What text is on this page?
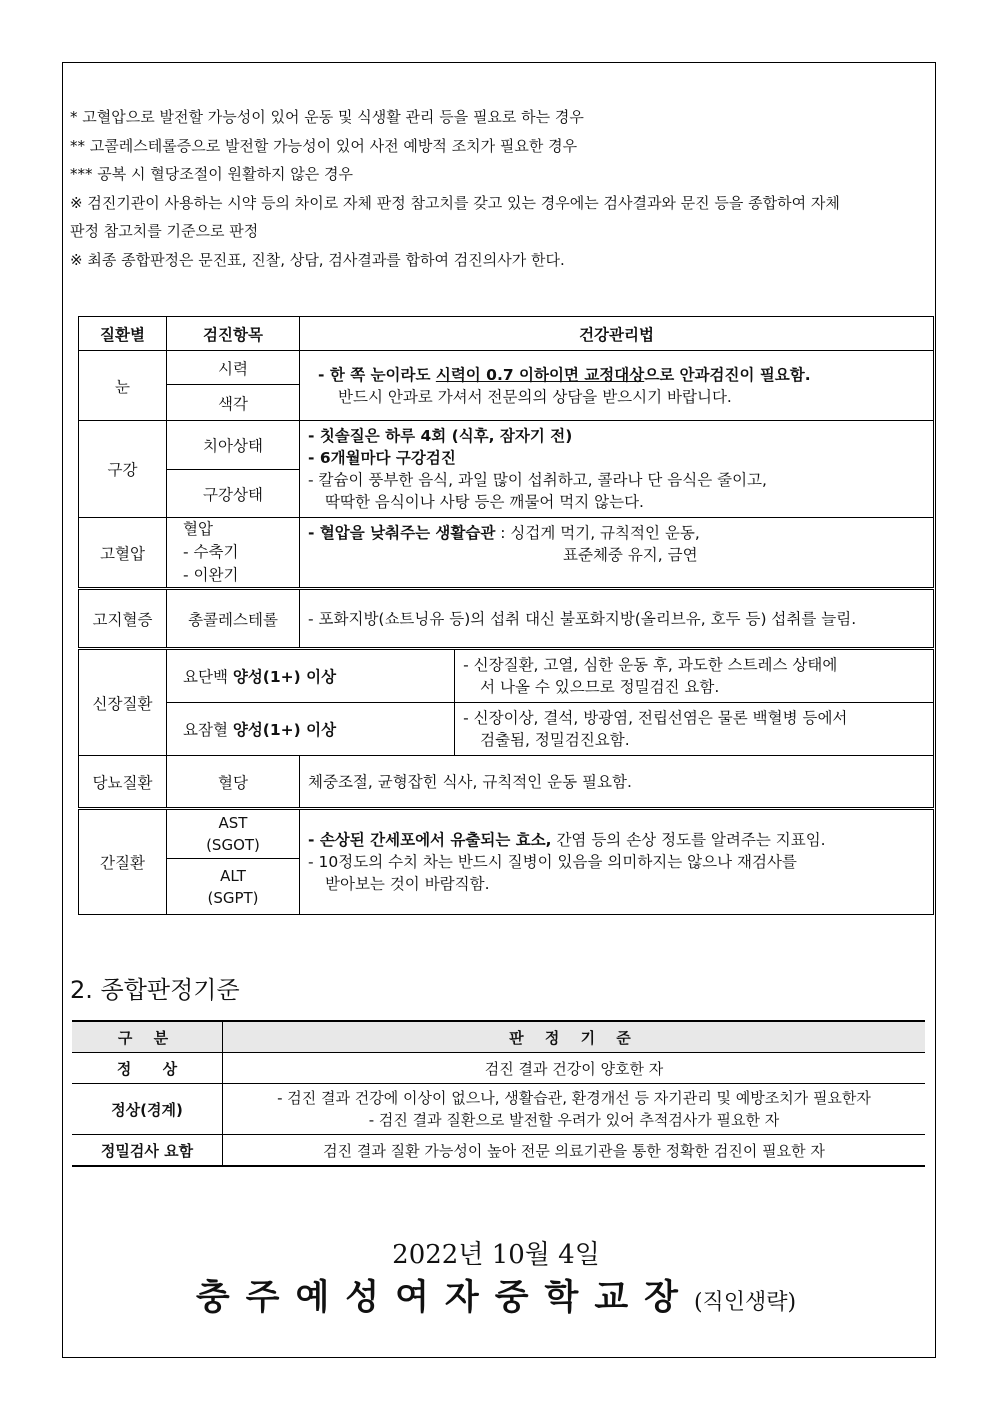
* 고혈압으로 발전할 가능성이 있어 운동 및 식생활 관리 등을 필요로 하는 경우
** 고콜레스테롤증으로 발전할 가능성이 있어 사전 예방적 조치가 필요한 경우
*** 공복 시 혈당조절이 원활하지 않은 경우
※ 검진기관이 사용하는 시약 등의 차이로 자체 판정 참고치를 갖고 있는 경우에는 검사결과와 문진 등을 종합하여 자체
판정 참고치를 기준으로 판정
※ 최종 종합판정은 문진표, 진찰, 상담, 검사결과를 합하여 검진의사가 한다.
질환별	검진항목	건강관리법	
눈	시력	- 한 쪽 눈이라도 시력이 0.7 이하이면 교정대상으로 안과검진이 필요함.
반드시 안과로 가셔서 전문의의 상담을 받으시기 바랍니다.	

	색각		
구강	치아상태	- 칫솔질은 하루 4회 (식후, 잠자기 전)
- 6개월마다 구강검진
- 칼슘이 풍부한 음식, 과일 많이 섭취하고, 콜라나 단 음식은 줄이고,
딱딱한 음식이나 사탕 등은 깨물어 먹지 않는다.	

	구강상태		
고혈압	혈압
- 수축기
- 이완기	- 혈압을 낮춰주는 생활습관 : 싱겁게 먹기, 규칙적인 운동,
표준체중 유지, 금연	

고지혈증	총콜레스테롤	- 포화지방(쇼트닝유 등)의 섭취 대신 불포화지방(올리브유, 호두 등) 섭취를 늘림.	
신장질환	요단백 양성(1+) 이상		- 신장질환, 고열, 심한 운동 후, 과도한 스트레스 상태에
서 나올 수 있으므로 정밀검진 요함.

	요잠혈 양성(1+) 이상		- 신장이상, 결석, 방광염, 전립선염은 물론 백혈병 등에서
검출됨, 정밀검진요함.

당뇨질환	혈당	체중조절, 균형잡힌 식사, 규칙적인 운동 필요함.	
간질환	AST
(SGOT)	- 손상된 간세포에서 유출되는 효소, 간염 등의 손상 정도를 알려주는 지표임.
- 10정도의 수치 차는 반드시 질병이 있음을 의미하지는 않으나 재검사를
받아보는 것이 바람직함.	

	ALT
(SGPT)		
2. 종합판정기준
구 분	판 정 기 준
정      상	검진 결과 건강이 양호한 자
정상(경계)	- 검진 결과 건강에 이상이 없으나, 생활습관, 환경개선 등 자기관리 및 예방조치가 필요한자
- 검진 결과 질환으로 발전할 우려가 있어 추적검사가 필요한 자

정밀검사 요함	검진 결과 질환 가능성이 높아 전문 의료기관을 통한 정확한 검진이 필요한 자
2022년 10월 4일
충주예성여자중학교장(직인생략)
